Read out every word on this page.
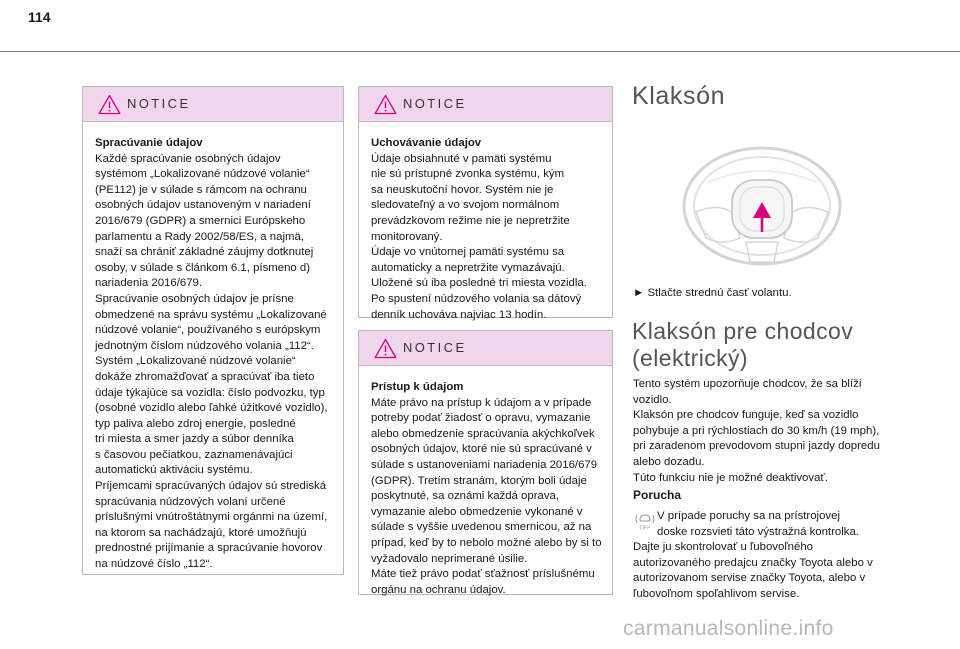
114
NOTICE

Spracúvanie údajov

Každé spracúvanie osobných údajov
systémom „Lokalizované núdzové volanie“
(PE112) je v súlade s rámcom na ochranu
osobných údajov ustanoveným v nariadení
2016/679 (GDPR) a smernici Európskeho
parlamentu a Rady 2002/58/ES, a najmä,
snaží sa chrániť základné záujmy dotknutej
osoby, v súlade s článkom 6.1, písmeno d)
nariadenia 2016/679.
Spracúvanie osobných údajov je prísne
obmedzené na správu systému „Lokalizované
núdzové volanie“, používaného s európskym
jednotným číslom núdzového volania „112“.
Systém „Lokalizované núdzové volanie“
dokáže zhromažďovať a spracúvať iba tieto
údaje týkajúce sa vozidla: číslo podvozku, typ
(osobné vozidlo alebo ľahké úžitkové vozidlo),
typ paliva alebo zdroj energie, posledné
tri miesta a smer jazdy a súbor denníka
s časovou pečiatkou, zaznamenávajúci
automatickú aktiváciu systému.
Príjemcami spracúvaných údajov sú strediská
spracúvania núdzových volaní určené
príslušnými vnútroštátnymi orgánmi na území,
na ktorom sa nachádzajú, ktoré umožňujú
prednostné prijímanie a spracúvanie hovorov
na núdzové číslo „112“.
NOTICE

Uchovávanie údajov

Údaje obsiahnuté v pamäti systému
nie sú prístupné zvonka systému, kým
sa neuskutoční hovor. Systém nie je
sledovateľný a vo svojom normálnom
prevádzkovom režime nie je nepretržite
monitorovaný.
Údaje vo vnútornej pamäti systému sa
automaticky a nepretržite vymazávajú.
Uložené sú iba posledné tri miesta vozidla.
Po spustení núdzového volania sa dátový
denník uchováva najviac 13 hodín.
NOTICE

Prístup k údajom

Máte právo na prístup k údajom a v prípade
potreby podať žiadosť o opravu, vymazanie
alebo obmedzenie spracúvania akýchkoľvek
osobných údajov, ktoré nie sú spracúvané v
súlade s ustanoveniami nariadenia 2016/679
(GDPR). Tretím stranám, ktorým boli údaje
poskytnuté, sa oznámi každá oprava,
vymazanie alebo obmedzenie vykonané v
súlade s vyššie uvedenou smernicou, až na
prípad, keď by to nebolo možné alebo by si to
vyžadovalo neprimerané úsilie.
Máte tiež právo podať sťažnosť príslušnému
orgánu na ochranu údajov.
Klaksón
► Stlačte strednú časť volantu.
Klaksón pre chodcov (elektrický)
Tento systém upozorňuje chodcov, že sa blíži
vozidlo.
Klaksón pre chodcov funguje, keď sa vozidlo
pohybuje a pri rýchlostiach do 30 km/h (19 mph),
pri zaradenom prevodovom stupni jazdy dopredu
alebo dozadu.
Túto funkciu nie je možné deaktivovať.
Porucha
OFF
V prípade poruchy sa na prístrojovej
doske rozsvieti táto výstražná kontrolka.
Dajte ju skontrolovať u ľubovoľného
autorizovaného predajcu značky Toyota alebo v
autorizovanom servise značky Toyota, alebo v
ľubovoľnom spoľahlivom servise.
carmanualsonline.info
